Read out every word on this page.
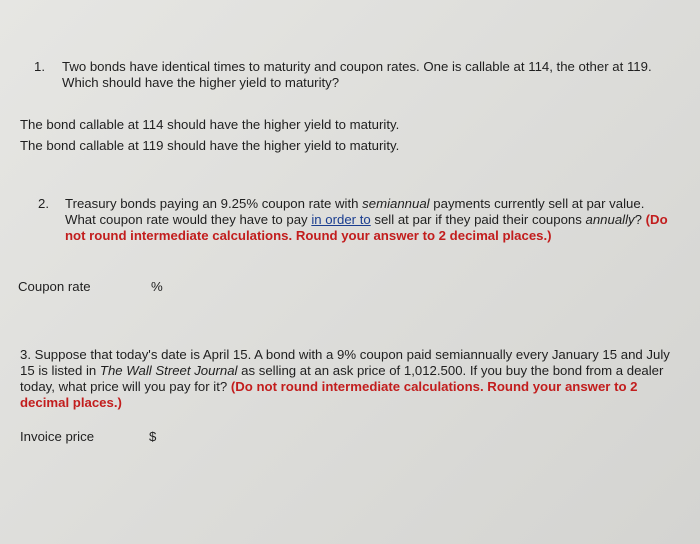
1. Two bonds have identical times to maturity and coupon rates. One is callable at 114, the other at 119. Which should have the higher yield to maturity?
The bond callable at 114 should have the higher yield to maturity.
The bond callable at 119 should have the higher yield to maturity.
2. Treasury bonds paying an 9.25% coupon rate with semiannual payments currently sell at par value. What coupon rate would they have to pay in order to sell at par if they paid their coupons annually? (Do not round intermediate calculations. Round your answer to 2 decimal places.)
Coupon rate	%
3. Suppose that today's date is April 15. A bond with a 9% coupon paid semiannually every January 15 and July 15 is listed in The Wall Street Journal as selling at an ask price of 1,012.500. If you buy the bond from a dealer today, what price will you pay for it? (Do not round intermediate calculations. Round your answer to 2 decimal places.)
Invoice price	$
